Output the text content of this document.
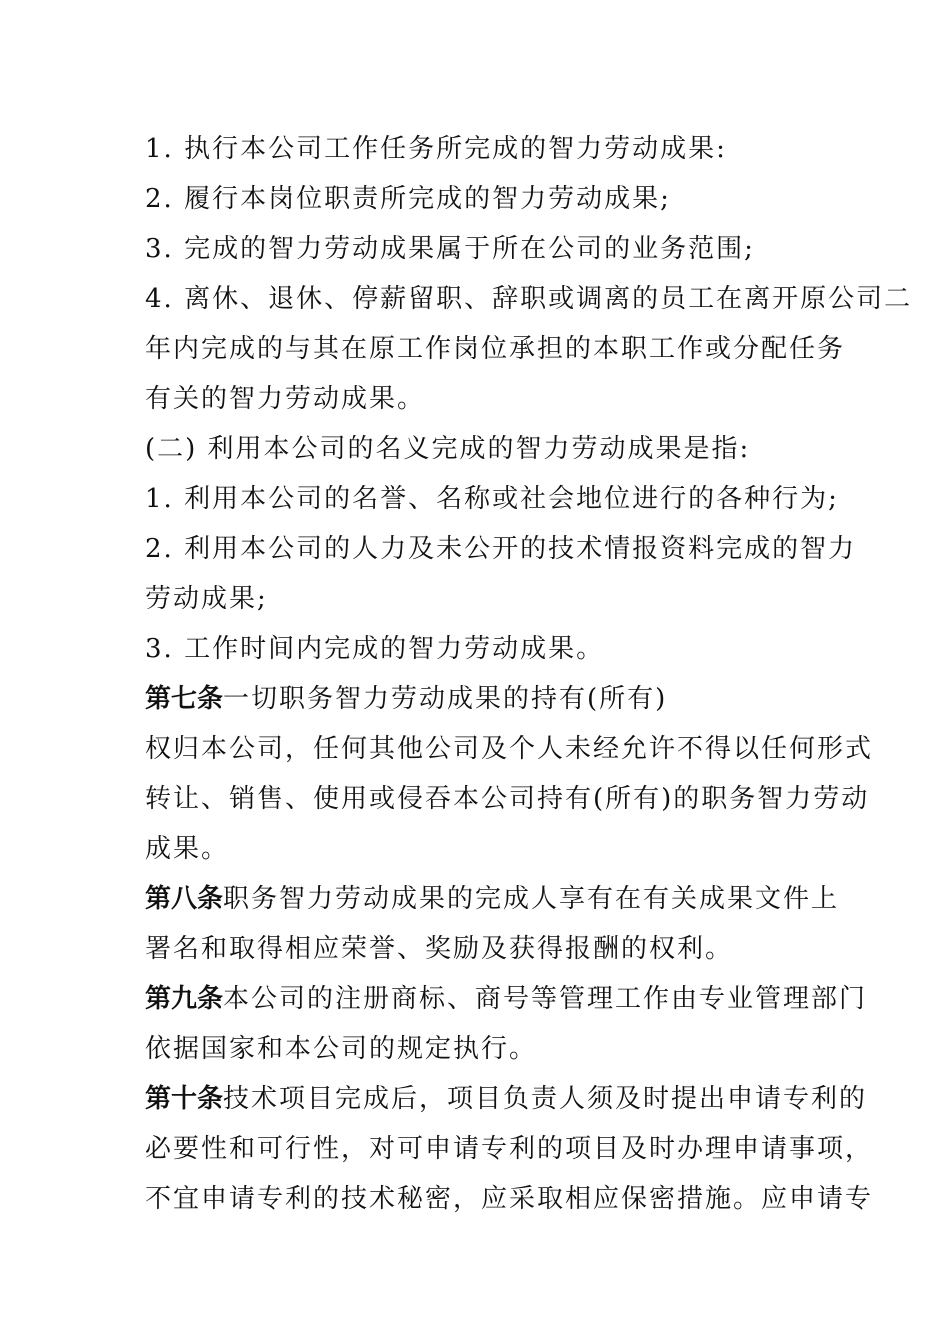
1. 执行本公司工作任务所完成的智力劳动成果:
2. 履行本岗位职责所完成的智力劳动成果;
3. 完成的智力劳动成果属于所在公司的业务范围;
4. 离休、退休、停薪留职、辞职或调离的员工在离开原公司二
年内完成的与其在原工作岗位承担的本职工作或分配任务
有关的智力劳动成果。
(二) 利用本公司的名义完成的智力劳动成果是指:
1. 利用本公司的名誉、名称或社会地位进行的各种行为;
2. 利用本公司的人力及未公开的技术情报资料完成的智力
劳动成果;
3. 工作时间内完成的智力劳动成果。
第七条一切职务智力劳动成果的持有(所有)
权归本公司，任何其他公司及个人未经允许不得以任何形式
转让、销售、使用或侵吞本公司持有(所有)的职务智力劳动
成果。
第八条职务智力劳动成果的完成人享有在有关成果文件上
署名和取得相应荣誉、奖励及获得报酬的权利。
第九条本公司的注册商标、商号等管理工作由专业管理部门
依据国家和本公司的规定执行。
第十条技术项目完成后，项目负责人须及时提出申请专利的
必要性和可行性，对可申请专利的项目及时办理申请事项，
不宜申请专利的技术秘密，应采取相应保密措施。应申请专
